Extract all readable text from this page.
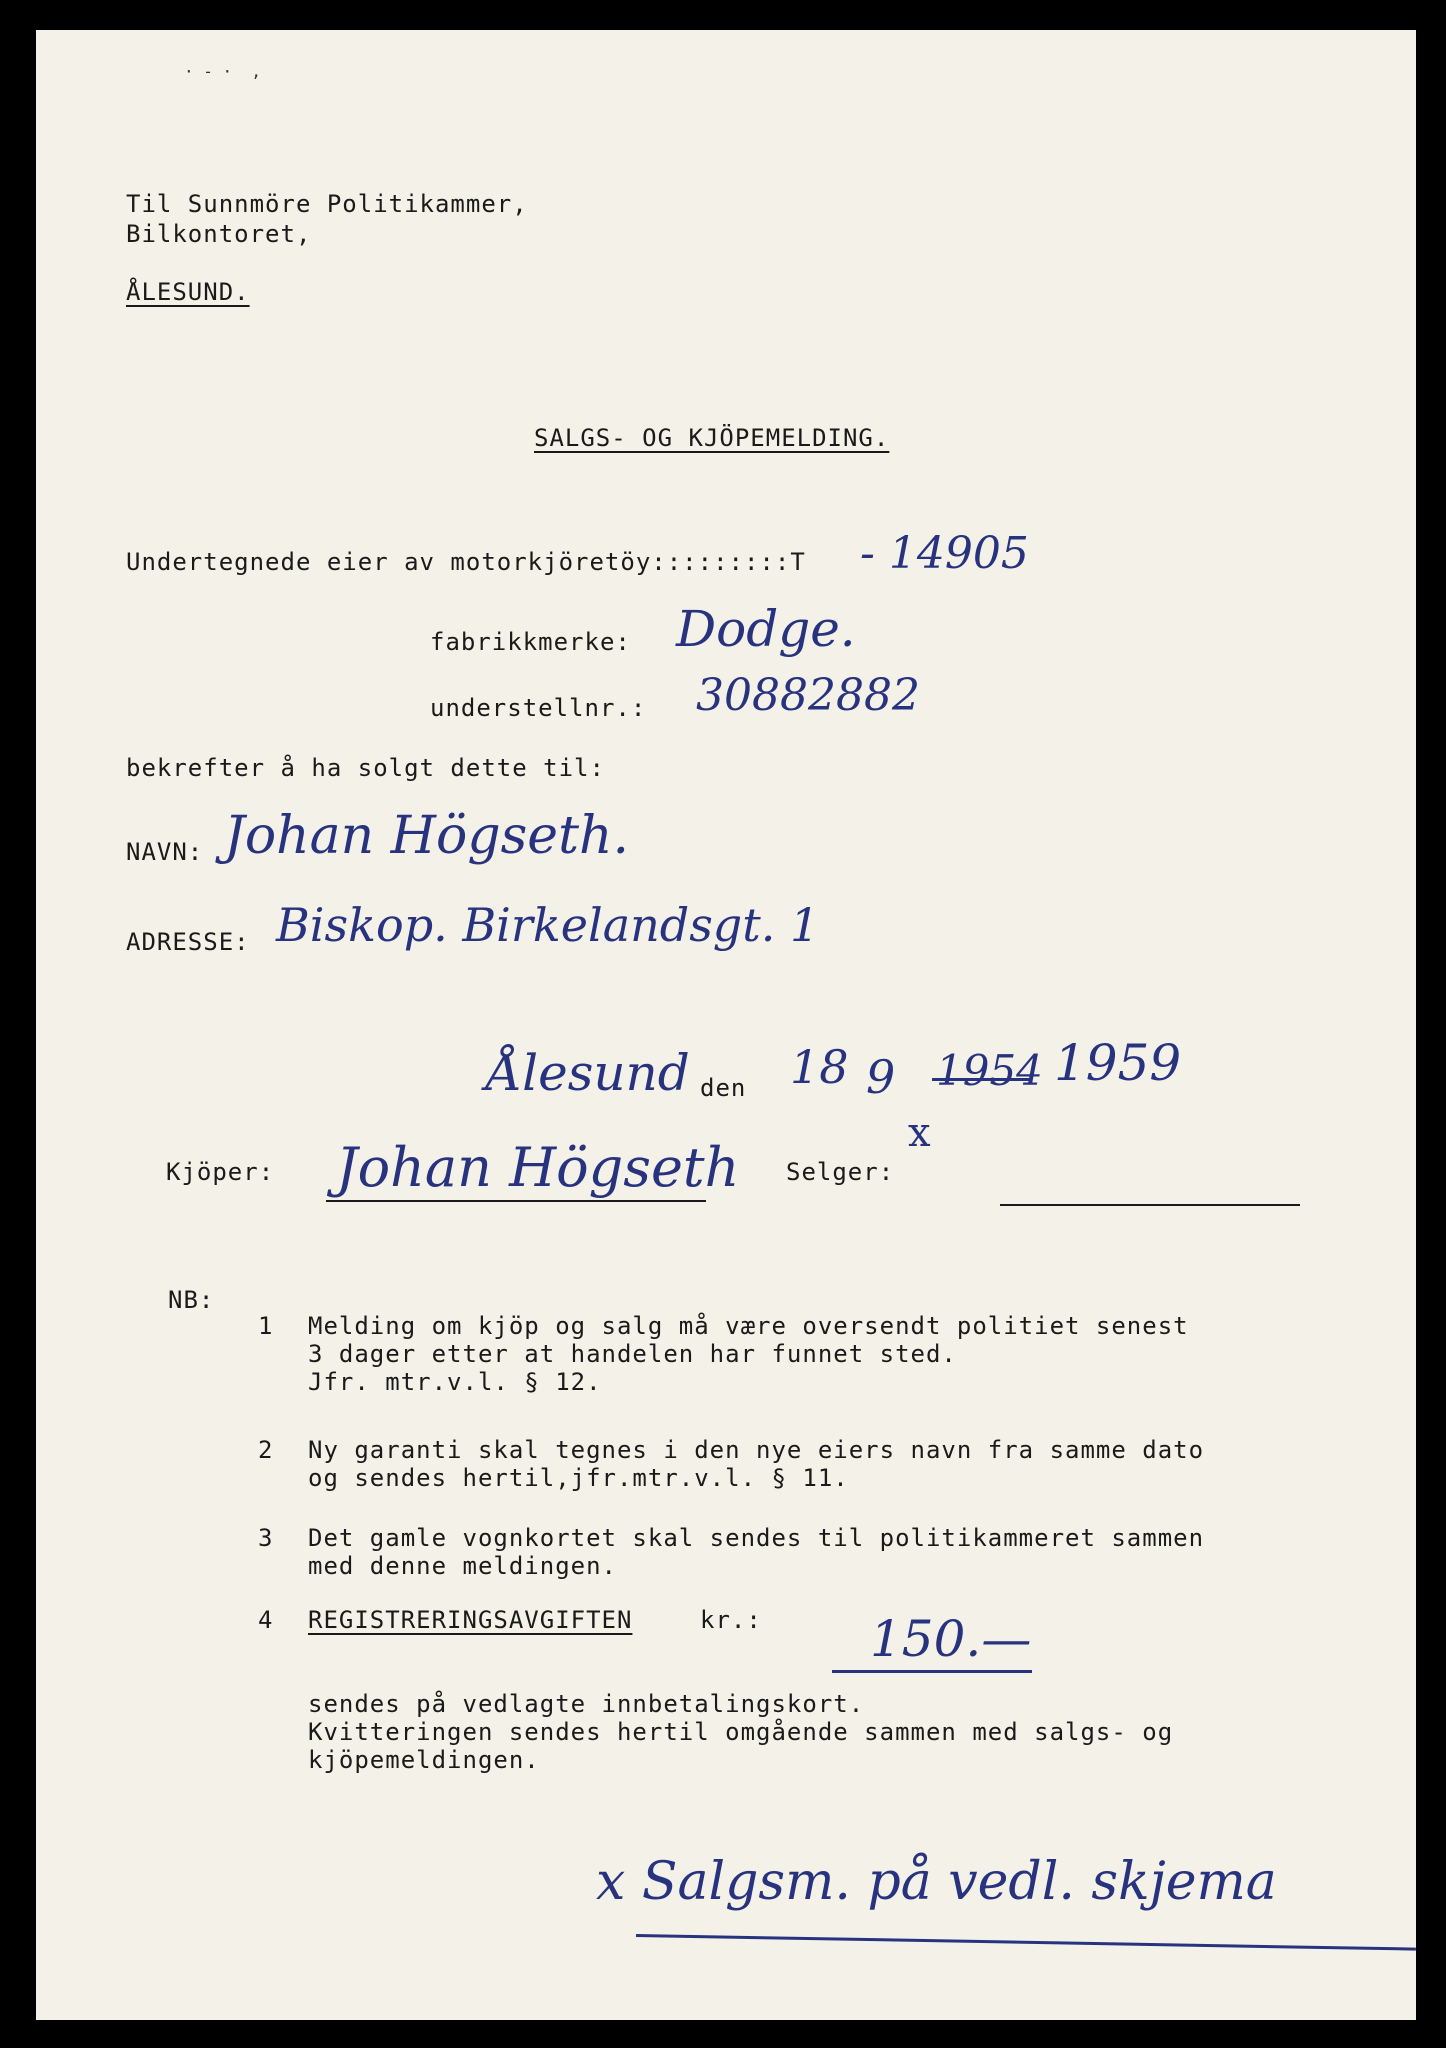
· ‑ ·  ,
Til Sunnmöre Politikammer,
Bilkontoret,
ÅLESUND.
SALGS- OG KJÖPEMELDING.
Undertegnede eier av motorkjöretöy:::::::::T - 14905
fabrikkmerke: Dodge.
understellnr.: 30882882
bekrefter å ha solgt dette til:
NAVN: Johan Högseth.
ADRESSE: Biskop. Birkelandsgt. 1
Ålesund den 18 9 1954 1959
Kjöper: Johan Högseth Selger:
x
NB:
1 Melding om kjöp og salg må være oversendt politiet senest
3 dager etter at handelen har funnet sted.
Jfr. mtr.v.l. § 12.
2 Ny garanti skal tegnes i den nye eiers navn fra samme dato
og sendes hertil,jfr.mtr.v.l. § 11.
3 Det gamle vognkortet skal sendes til politikammeret sammen
med denne meldingen.
4 REGISTRERINGSAVGIFTEN	kr.: 150.—
sendes på vedlagte innbetalingskort.
Kvitteringen sendes hertil omgående sammen med salgs- og
kjöpemeldingen.
x Salgsm. på vedl. skjema
